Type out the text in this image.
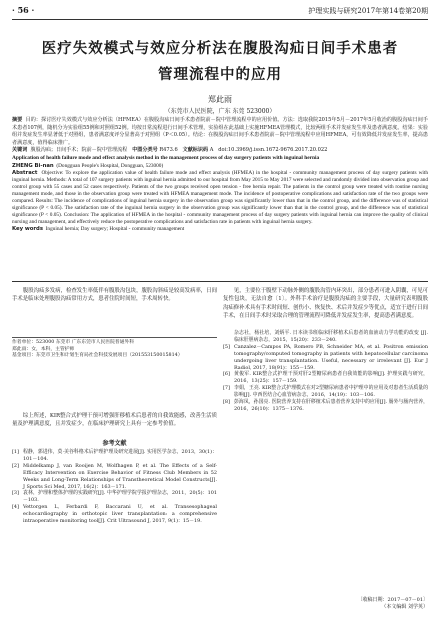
· 56 ·	护理实践与研究2017年第14卷第20期
医疗失效模式与效应分析法在腹股沟疝日间手术患者
管理流程中的应用
郑此雨
（东莞市人民医院，广东 东莞 523000）

摘要 目的：探讨医疗失效模式与效应分析法（HFMEA）在腹股沟疝日间手术患者院前－院中管理流程中的应用价值。方法：选取我院2015年5月－2017年5月收治的腹股沟疝日间手术患者107例，随机分为实验组55例和对照组52例。均按日常流程进行日间手术管理，实验组在此基础上实施HFMEA管理模式，比较两组手术并发症发生率及患者满意度。结果：实验组并发症发生率显著低于对照组，患者满意度评分显著高于对照组（P＜0.05）。结论：在腹股沟疝日间手术患者院前－院中管理流程中应用HFMEA，可有效降低并发症发生率，提高患者满意度，值得临床推广。

关键词 腹股沟疝；日间手术；院前－院中管理流程 中图分类号 R473.6 文献标识码 A doi:10.3969/j.issn.1672-9676.2017.20.022

Application of health failure mode and effect analysis method in the management process of day surgery patients with inguinal hernia

ZHENG Bi-nan (Dongguan People's Hospital, Dongguan, 523000)

Abstract Objective: To explore the application value of health failure mode and effect analysis (HFMEA) in the hospital - community management process of day surgery patients with inguinal hernia. Methods: A total of 107 surgery patients with inguinal hernia admitted to our hospital from May 2015 to May 2017 were selected and randomly divided into observation group and control group with 55 cases and 52 cases respectively. Patients of the two groups received open tension - free hernia repair. The patients in the control group were treated with routine nursing management mode, and those in the observation group were treated with HFMEA management mode. The incidence of postoperative complications and satisfaction rate of the two groups were compared. Results: The incidence of complications of inguinal hernia surgery in the observation group was significantly lower than that in the control group, and the difference was of statistical significance (P < 0.05). The satisfaction rate of the inguinal hernia surgery in the observation group was significantly lower than that in the control group, and the difference was of statistical significance (P < 0.05). Conclusion: The application of HFMEA in the hospital - community management process of day surgery patients with inguinal hernia can improve the quality of clinical nursing and management, and effectively reduce the postoperative complications and satisfaction rate in patients with inguinal hernia surgery.

Key words Inguinal hernia; Day surgery; Hospital - community management

腹股沟疝多发病，检查发生率低伴有腹股沟包块，腹股沟斜疝是较高发病率，日间手术是临床处理腹股沟疝常用方式，患者住院时间短，手术周转快。

作者单位：523000 东莞市 广东东莞市人民医院普通外科
郑此雨：女，本科，主管护师
基金项目：东莞市卫生和计划生育局社会科技发展项目（201553150015814）

综上所述，KIR整合式护理干预可增强肝移植术后患者的自我效能感，改善生活质量及护理满意度，且并发症少，在临床护理研究上具有一定参考价值。

参考文献
[1] 程静，郭进伟，莫·美谷科格术后护理护理及研究进展[J]. 实用医学杂志，2013，30(1)：101－104.
[2] Middelkamp J, van Rooijen M, Wolfhagen P, et al. The Effects of a Self-Efficacy Intervention on Exercise Behavior of Fitness Club Members in 52 Weeks and Long-Term Relationships of Transtheoretical Model Constructs[J]. J Sports Sci Med, 2017, 16(2)：163－171.
[3] 袁林，护理和整体护理的实践研究[J]. 中华护理学院学报护理杂志，2011，20(5)：101－103.
[4] Vettorgen L, Ferbardi F, Baccarani U, et al. Transesophageal echocardiography in orthotopic liver transplantation: a comprehensive intraoperative monitoring tool[J]. Crit Ultrasound J, 2017, 9(1)：15－19.

见，主要位于腹壁下动脉外侧的腹股沟管内环突出，部分患者可进入阴囊，可见可复性包块，无法自愈〔1〕。外科手术治疗是腹股沟疝的主要手段，大量研究表明腹股沟疝修补术具有手术时间短、创伤小、恢复快、术后并发症少等优点，适宜于进行日间手术，在日间手术时采取合理的管理流程可降低并发症发生率，提高患者满意度。

杂志社，杨社培，刘炳平. 日本读书班临床肝移植术后患者的血液动力学功能的改变 [J]. 临床肝胆病杂志，2015，15(20)：233－240.
[5] Canzalez－Campos PA, Romero PB, Schneider MA, et al. Positron emission tomography/computed tomography in patients with hepatocellular carcinoma undergoing liver transplantation. Useful, necessary or irrelevant [J]. Eur J Radiol, 2017, 18(91)：155－159.
[6] 黄俊军. KIR整合式护理干预对肝2型糖尿病患者自我效能的影响[J]. 护理实践与研究，2016，13(25)：157－159.
[7] 李娟，王亮. KIR整合式护理模式在对2型糖尿病患者中护理中的应用及对患者生活质量的影响[J]. 中西医结合心血管病杂志，2016，14(19)：103－106.
[8] 彭海凤，孙国亮. 医院营养支持在肝移植术后患者营养支持中的应用[J]. 肠外与肠内营养，2016，26(10)：1375－1376.
〔收稿日期：2017－07－01〕
（本文编辑 刘学英）
